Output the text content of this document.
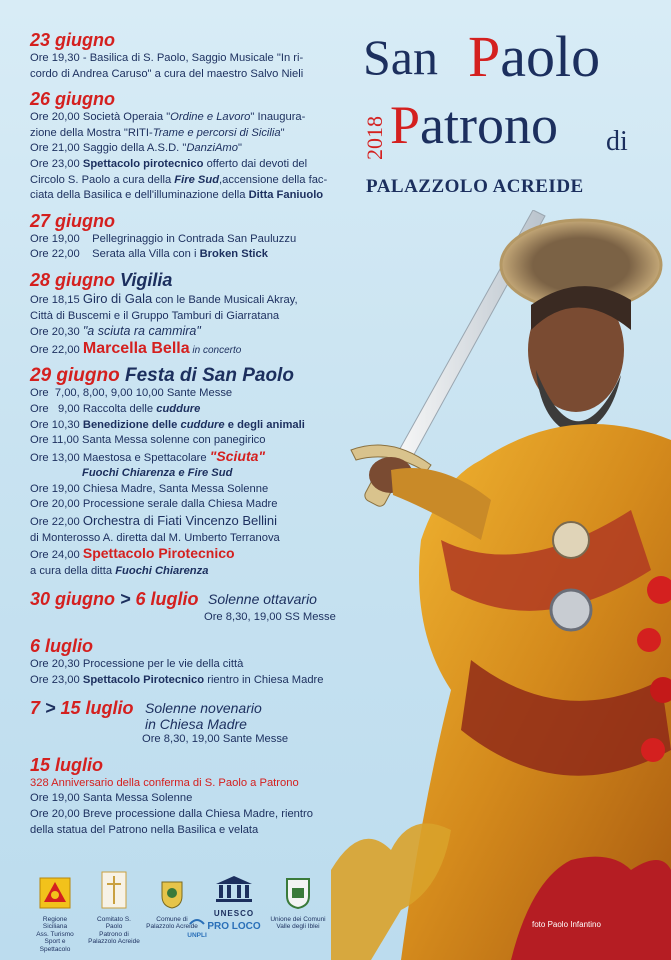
2018
San Paolo
Patrono di
PALAZZOLO ACREIDE
23 giugno
Ore 19,30 - Basilica di S. Paolo, Saggio Musicale "In ri-
cordo di Andrea Caruso" a cura del maestro Salvo Nieli
26 giugno
Ore 20,00 Società Operaia "Ordine e Lavoro" Inaugura-
zione della Mostra "RITI-Trame e percorsi di Sicilia"
Ore 21,00 Saggio della A.S.D. "DanziAmo"
Ore 23,00 Spettacolo pirotecnico offerto dai devoti del
Circolo S. Paolo a cura della Fire Sud,accensione della fac-
ciata della Basilica e dell'illuminazione della Ditta Faniuolo
27 giugno
Ore 19,00    Pellegrinaggio in Contrada San Pauluzzu
Ore 22,00    Serata alla Villa con i Broken Stick
28 giugno Vigilia
Ore 18,15 Giro di Gala con le Bande Musicali Akray,
Città di Buscemi e il Gruppo Tamburi di Giarratana
Ore 20,30 "a sciuta ra cammira"
Ore 22,00 Marcella Bella in concerto
29 giugno Festa di San Paolo
Ore  7,00, 8,00, 9,00 10,00 Sante Messe
Ore   9,00 Raccolta delle cuddure
Ore 10,30 Benedizione delle cuddure e degli animali
Ore 11,00 Santa Messa solenne con panegirico
Ore 13,00 Maestosa e Spettacolare "Sciuta"
Fuochi Chiarenza e Fire Sud
Ore 19,00 Chiesa Madre, Santa Messa Solenne
Ore 20,00 Processione serale dalla Chiesa Madre
Ore 22,00 Orchestra di Fiati Vincenzo Bellini
di Monterosso A. diretta dal M. Umberto Terranova
Ore 24,00 Spettacolo Pirotecnico
a cura della ditta Fuochi Chiarenza
30 giugno > 6 luglio Solenne ottavario
Ore 8,30, 19,00 SS Messe
6 luglio
Ore 20,30 Processione per le vie della città
Ore 23,00 Spettacolo Pirotecnico rientro in Chiesa Madre
7 > 15 luglio Solenne novenario
in Chiesa Madre
Ore 8,30, 19,00 Sante Messe
15 luglio
328 Anniversario della conferma di S. Paolo a Patrono
Ore 19,00 Santa Messa Solenne
Ore 20,00 Breve processione dalla Chiesa Madre, rientro
della statua del Patrono nella Basilica e velata
Regione Siciliana
Ass. Turismo
Sport e Spettacolo
Comitato S. Paolo
Patrono di
Palazzolo Acreide
Comune di
Palazzolo Acreide
UNPLI
UNESCO
PRO LOCO
Unione dei Comuni
Valle degli Iblei	foto Paolo Infantino
